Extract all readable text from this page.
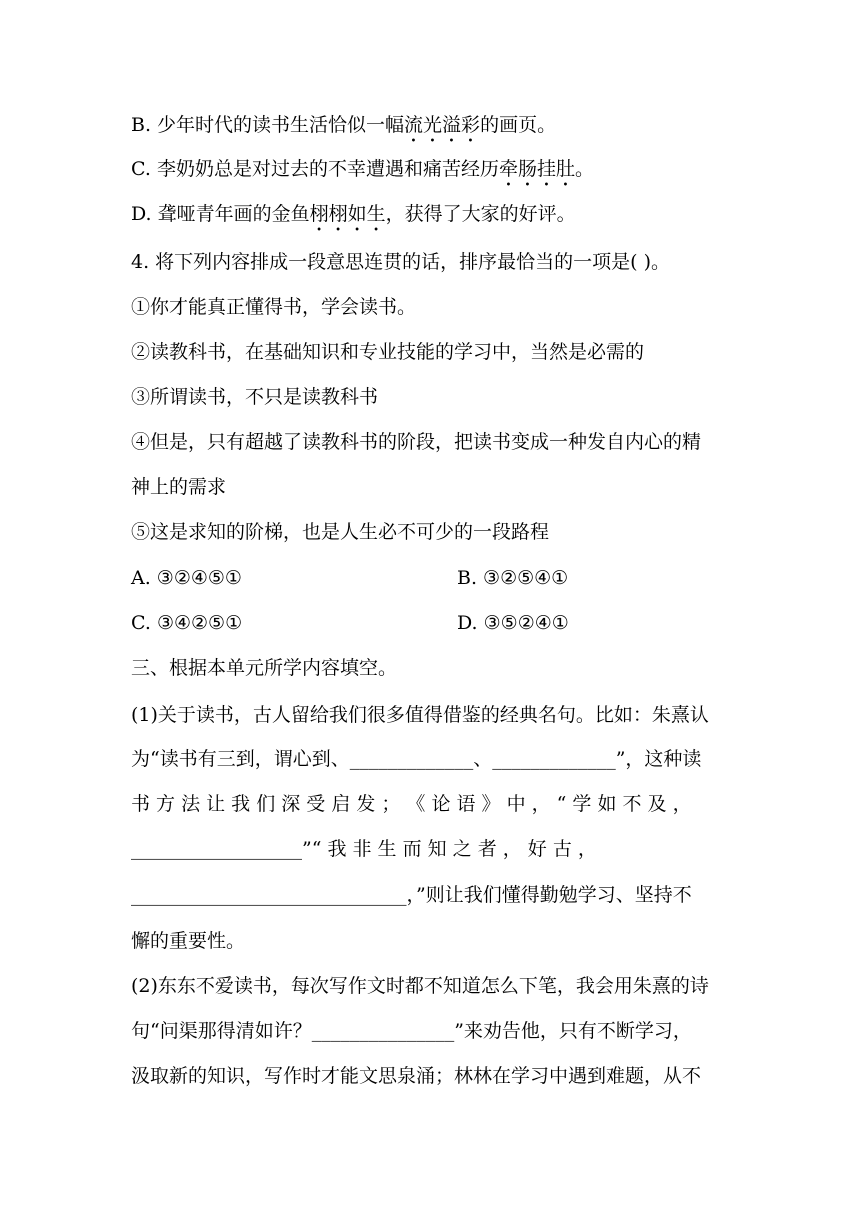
B. 少年时代的读书生活恰似一幅流光溢彩的画页。
C. 李奶奶总是对过去的不幸遭遇和痛苦经历牵肠挂肚。
D. 聋哑青年画的金鱼栩栩如生，获得了大家的好评。
4. 将下列内容排成一段意思连贯的话，排序最恰当的一项是( )。
①你才能真正懂得书，学会读书。
②读教科书，在基础知识和专业技能的学习中，当然是必需的
③所谓读书，不只是读教科书
④但是，只有超越了读教科书的阶段，把读书变成一种发自内心的精
神上的需求
⑤这是求知的阶梯，也是人生必不可少的一段路程
A. ③②④⑤①	B. ③②⑤④①
C. ③④②⑤①	D. ③⑤②④①
三、根据本单元所学内容填空。
(1)关于读书，古人留给我们很多值得借鉴的经典名句。比如：朱熹认
为“读书有三到，谓心到、_____________、_____________”，这种读
书 方 法 让 我 们 深 受 启 发 ； 《 论 语 》 中 ， “ 学 如 不 及 ，
__________________”“ 我 非 生 而 知 之 者 ， 好 古 ，
_____________________________，”则让我们懂得勤勉学习、坚持不
懈的重要性。
(2)东东不爱读书，每次写作文时都不知道怎么下笔，我会用朱熹的诗
句“问渠那得清如许？_______________”来劝告他，只有不断学习，
汲取新的知识，写作时才能文思泉涌；林林在学习中遇到难题，从不
